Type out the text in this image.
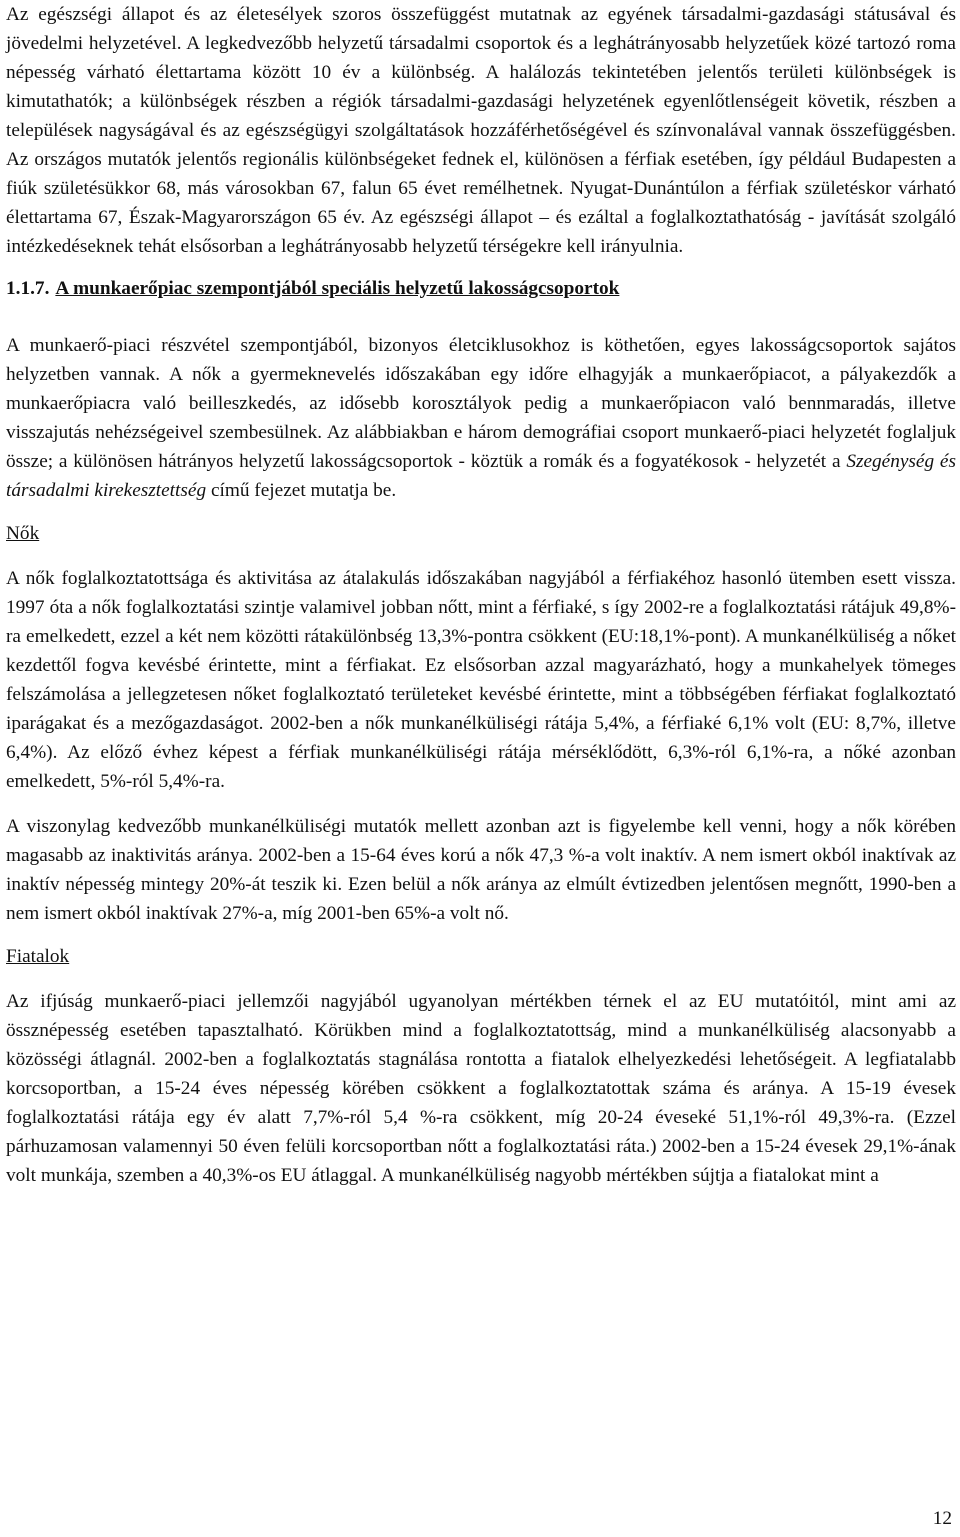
Az egészségi állapot és az életesélyek szoros összefüggést mutatnak az egyének társadalmi-gazdasági státusával és jövedelmi helyzetével. A legkedvezőbb helyzetű társadalmi csoportok és a leghátrányosabb helyzetűek közé tartozó roma népesség várható élettartama között 10 év a különbség. A halálozás tekintetében jelentős területi különbségek is kimutathatók; a különbségek részben a régiók társadalmi-gazdasági helyzetének egyenlőtlenségeit követik, részben a települések nagyságával és az egészségügyi szolgáltatások hozzáférhetőségével és színvonalával vannak összefüggésben. Az országos mutatók jelentős regionális különbségeket fednek el, különösen a férfiak esetében, így például Budapesten a fiúk születésükkor 68, más városokban 67, falun 65 évet remélhetnek. Nyugat-Dunántúlon a férfiak születéskor várható élettartama 67, Észak-Magyarországon 65 év. Az egészségi állapot – és ezáltal a foglalkoztathatóság - javítását szolgáló intézkedéseknek tehát elsősorban a leghátrányosabb helyzetű térségekre kell irányulnia.

1.1.7. A munkaerőpiac szempontjából speciális helyzetű lakosságcsoportok

A munkaerő-piaci részvétel szempontjából, bizonyos életciklusokhoz is köthetően, egyes lakosságcsoportok sajátos helyzetben vannak. A nők a gyermeknevelés időszakában egy időre elhagyják a munkaerőpiacot, a pályakezdők a munkaerőpiacra való beilleszkedés, az idősebb korosztályok pedig a munkaerőpiacon való bennmaradás, illetve visszajutás nehézségeivel szembesülnek. Az alábbiakban e három demográfiai csoport munkaerő-piaci helyzetét foglaljuk össze; a különösen hátrányos helyzetű lakosságcsoportok - köztük a romák és a fogyatékosok - helyzetét a Szegénység és társadalmi kirekesztettség című fejezet mutatja be.

Nők

A nők foglalkoztatottsága és aktivitása az átalakulás időszakában nagyjából a férfiakéhoz hasonló ütemben esett vissza. 1997 óta a nők foglalkoztatási szintje valamivel jobban nőtt, mint a férfiaké, s így 2002-re a foglalkoztatási rátájuk 49,8%-ra emelkedett, ezzel a két nem közötti rátakülönbség 13,3%-pontra csökkent (EU:18,1%-pont). A munkanélküliség a nőket kezdettől fogva kevésbé érintette, mint a férfiakat. Ez elsősorban azzal magyarázható, hogy a munkahelyek tömeges felszámolása a jellegzetesen nőket foglalkoztató területeket kevésbé érintette, mint a többségében férfiakat foglalkoztató iparágakat és a mezőgazdaságot. 2002-ben a nők munkanélküliségi rátája 5,4%, a férfiaké 6,1% volt (EU: 8,7%, illetve 6,4%). Az előző évhez képest a férfiak munkanélküliségi rátája mérséklődött, 6,3%-ról 6,1%-ra, a nőké azonban emelkedett, 5%-ról 5,4%-ra.

A viszonylag kedvezőbb munkanélküliségi mutatók mellett azonban azt is figyelembe kell venni, hogy a nők körében magasabb az inaktivitás aránya. 2002-ben a 15-64 éves korú a nők 47,3 %-a volt inaktív. A nem ismert okból inaktívak az inaktív népesség mintegy 20%-át teszik ki. Ezen belül a nők aránya az elmúlt évtizedben jelentősen megnőtt, 1990-ben a nem ismert okból inaktívak 27%-a, míg 2001-ben 65%-a volt nő.

Fiatalok

Az ifjúság munkaerő-piaci jellemzői nagyjából ugyanolyan mértékben térnek el az EU mutatóitól, mint ami az össznépesség esetében tapasztalható. Körükben mind a foglalkoztatottság, mind a munkanélküliség alacsonyabb a közösségi átlagnál. 2002-ben a foglalkoztatás stagnálása rontotta a fiatalok elhelyezkedési lehetőségeit. A legfiatalabb korcsoportban, a 15-24 éves népesség körében csökkent a foglalkoztatottak száma és aránya. A 15-19 évesek foglalkoztatási rátája egy év alatt 7,7%-ról 5,4 %-ra csökkent, míg 20-24 éveseké 51,1%-ról 49,3%-ra. (Ezzel párhuzamosan valamennyi 50 éven felüli korcsoportban nőtt a foglalkoztatási ráta.) 2002-ben a 15-24 évesek 29,1%-ának volt munkája, szemben a 40,3%-os EU átlaggal. A munkanélküliség nagyobb mértékben sújtja a fiatalokat mint a

12
